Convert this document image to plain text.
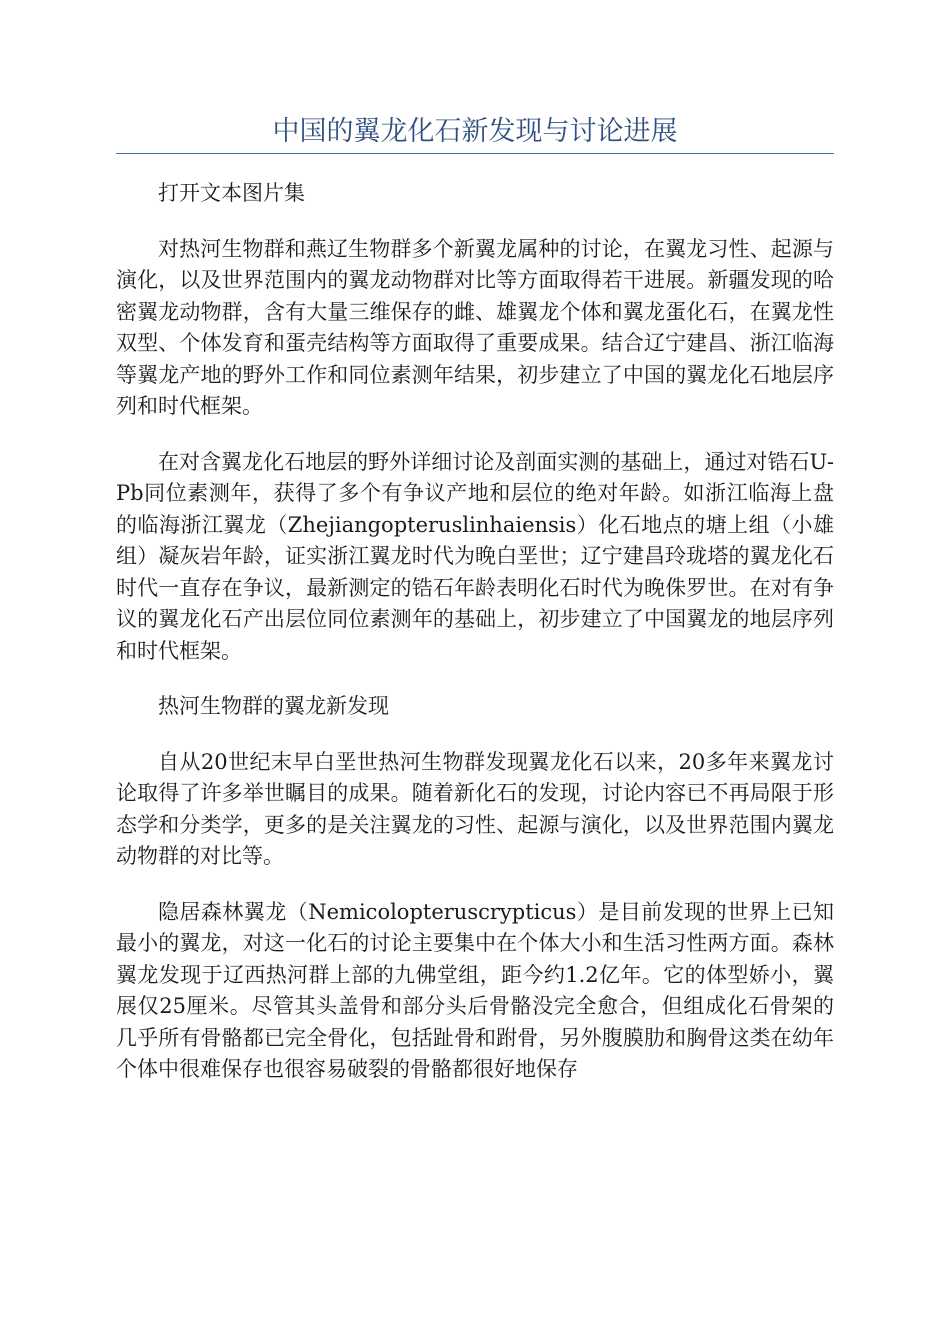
中国的翼龙化石新发现与讨论进展

打开文本图片集

对热河生物群和燕辽生物群多个新翼龙属种的讨论，在翼龙习性、起源与演化，以及世界范围内的翼龙动物群对比等方面取得若干进展。新疆发现的哈密翼龙动物群，含有大量三维保存的雌、雄翼龙个体和翼龙蛋化石，在翼龙性双型、个体发育和蛋壳结构等方面取得了重要成果。结合辽宁建昌、浙江临海等翼龙产地的野外工作和同位素测年结果，初步建立了中国的翼龙化石地层序列和时代框架。

在对含翼龙化石地层的野外详细讨论及剖面实测的基础上，通过对锆石U-Pb同位素测年，获得了多个有争议产地和层位的绝对年龄。如浙江临海上盘的临海浙江翼龙（Zhejiangopteruslinhaiensis）化石地点的塘上组（小雄组）凝灰岩年龄，证实浙江翼龙时代为晚白垩世；辽宁建昌玲珑塔的翼龙化石时代一直存在争议，最新测定的锆石年龄表明化石时代为晚侏罗世。在对有争议的翼龙化石产出层位同位素测年的基础上，初步建立了中国翼龙的地层序列和时代框架。

热河生物群的翼龙新发现

自从20世纪末早白垩世热河生物群发现翼龙化石以来，20多年来翼龙讨论取得了许多举世瞩目的成果。随着新化石的发现，讨论内容已不再局限于形态学和分类学，更多的是关注翼龙的习性、起源与演化，以及世界范围内翼龙动物群的对比等。

隐居森林翼龙（Nemicolopteruscrypticus）是目前发现的世界上已知最小的翼龙，对这一化石的讨论主要集中在个体大小和生活习性两方面。森林翼龙发现于辽西热河群上部的九佛堂组，距今约1.2亿年。它的体型娇小，翼展仅25厘米。尽管其头盖骨和部分头后骨骼没完全愈合，但组成化石骨架的几乎所有骨骼都已完全骨化，包括趾骨和跗骨，另外腹膜肋和胸骨这类在幼年个体中很难保存也很容易破裂的骨骼都很好地保存
